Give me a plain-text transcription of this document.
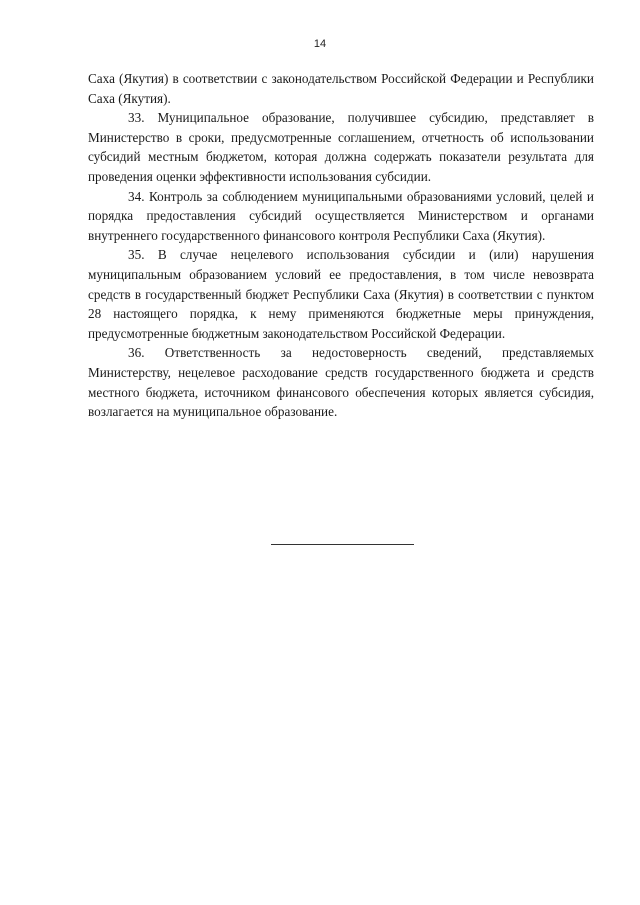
14

Саха (Якутия) в соответствии с законодательством Российской Федерации и Республики Саха (Якутия).

33. Муниципальное образование, получившее субсидию, представляет в Министерство в сроки, предусмотренные соглашением, отчетность об использовании субсидий местным бюджетом, которая должна содержать показатели результата для проведения оценки эффективности использования субсидии.

34. Контроль за соблюдением муниципальными образованиями условий, целей и порядка предоставления субсидий осуществляется Министерством и органами внутреннего государственного финансового контроля Республики Саха (Якутия).

35. В случае нецелевого использования субсидии и (или) нарушения муниципальным образованием условий ее предоставления, в том числе невозврата средств в государственный бюджет Республики Саха (Якутия) в соответствии с пунктом 28 настоящего порядка, к нему применяются бюджетные меры принуждения, предусмотренные бюджетным законодательством Российской Федерации.

36. Ответственность за недостоверность сведений, представляемых Министерству, нецелевое расходование средств государственного бюджета и средств местного бюджета, источником финансового обеспечения которых является субсидия, возлагается на муниципальное образование.
